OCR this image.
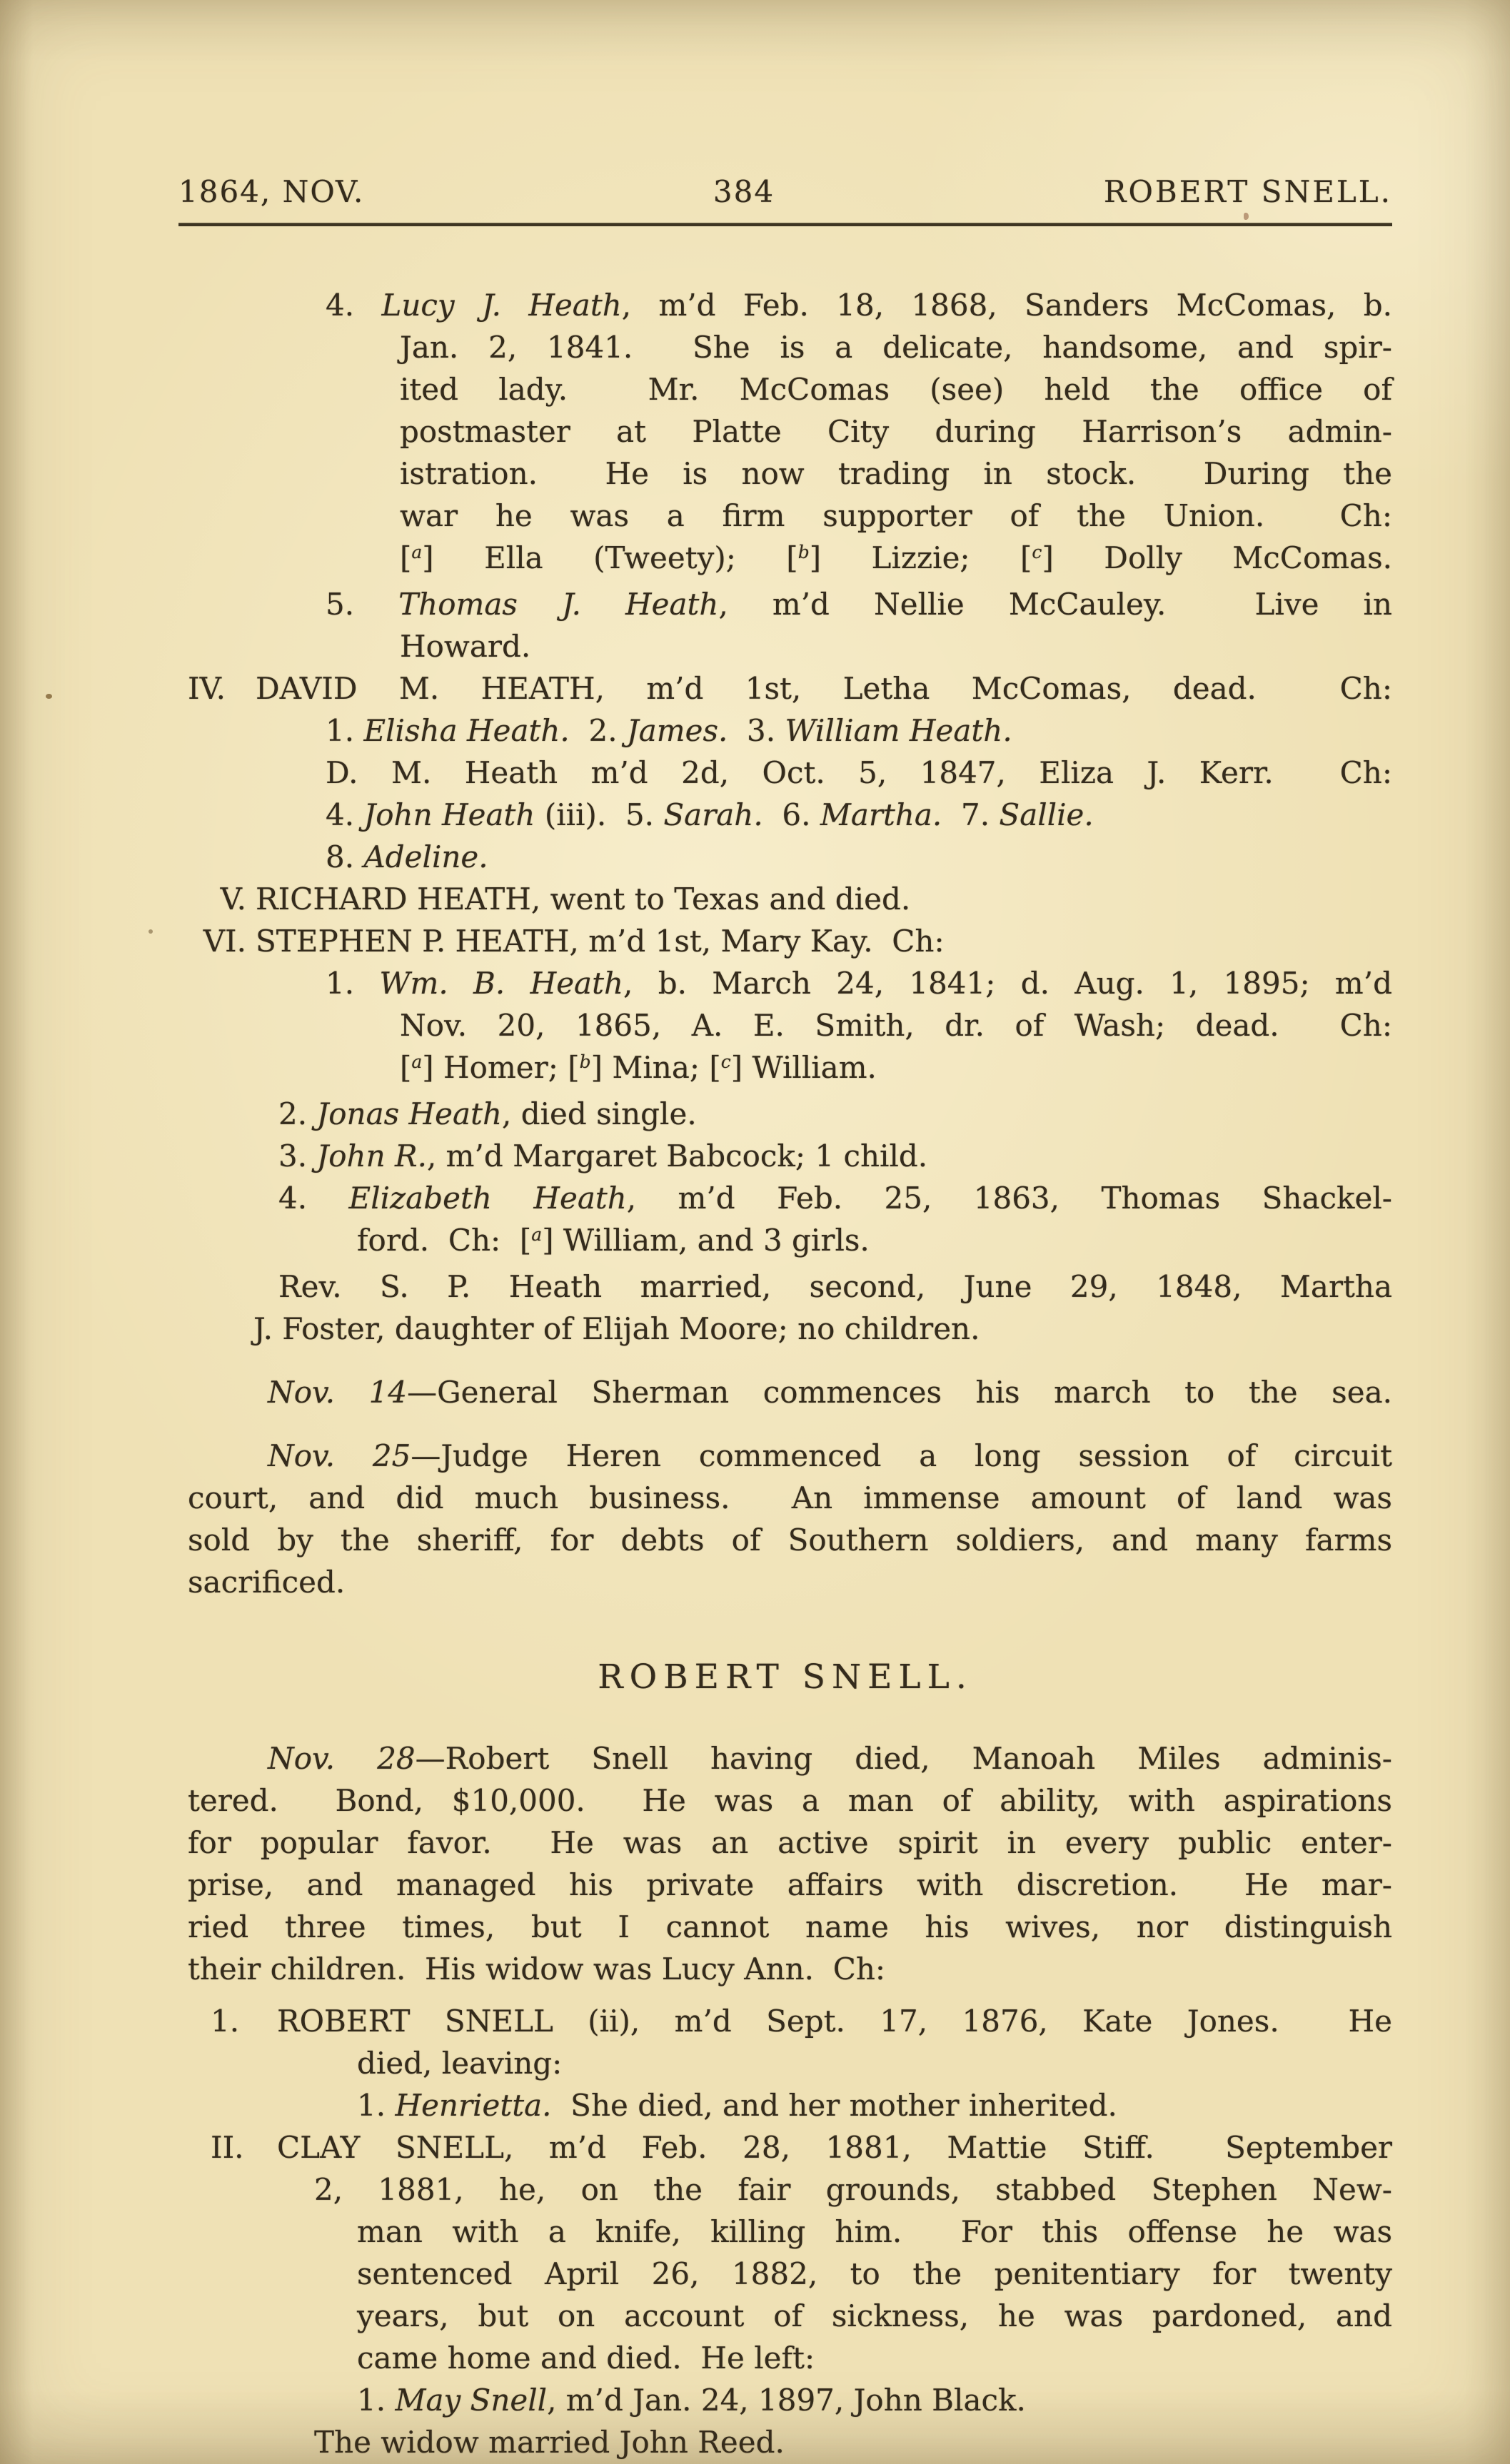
1864, NOV.	384	ROBERT SNELL.
4. Lucy J. Heath, m’d Feb. 18, 1868, Sanders McComas, b.
Jan. 2, 1841.  She is a delicate, handsome, and spir-
ited lady.  Mr. McComas (see) held the office of
postmaster at Platte City during Harrison’s admin-
istration.  He is now trading in stock.  During the
war he was a firm supporter of the Union.  Ch:
[$^a$] Ella (Tweety); [$^b$] Lizzie; [$^c$] Dolly McComas.
5. Thomas J. Heath, m’d Nellie McCauley.  Live in
Howard.
IV. DAVID M. HEATH, m’d 1st, Letha McComas, dead.  Ch:
1. Elisha Heath.  2. James.  3. William Heath.
D. M. Heath m’d 2d, Oct. 5, 1847, Eliza J. Kerr.  Ch:
4. John Heath (iii).  5. Sarah.  6. Martha.  7. Sallie.
8. Adeline.
V. RICHARD HEATH, went to Texas and died.
VI. STEPHEN P. HEATH, m’d 1st, Mary Kay.  Ch:
1. Wm. B. Heath, b. March 24, 1841; d. Aug. 1, 1895; m’d
Nov. 20, 1865, A. E. Smith, dr. of Wash; dead.  Ch:
[$^a$] Homer; [$^b$] Mina; [$^c$] William.
2. Jonas Heath, died single.
3. John R., m’d Margaret Babcock; 1 child.
4. Elizabeth Heath, m’d Feb. 25, 1863, Thomas Shackel-
ford.  Ch:  [$^a$] William, and 3 girls.
Rev. S. P. Heath married, second, June 29, 1848, Martha
J. Foster, daughter of Elijah Moore; no children.
Nov. 14—General Sherman commences his march to the sea.
Nov. 25—Judge Heren commenced a long session of circuit
court, and did much business.  An immense amount of land was
sold by the sheriff, for debts of Southern soldiers, and many farms
sacrificed.
ROBERT SNELL.
Nov. 28—Robert Snell having died, Manoah Miles adminis-
tered.  Bond, $10,000.  He was a man of ability, with aspirations
for popular favor.  He was an active spirit in every public enter-
prise, and managed his private affairs with discretion.  He mar-
ried three times, but I cannot name his wives, nor distinguish
their children.  His widow was Lucy Ann.  Ch:
1. ROBERT SNELL (ii), m’d Sept. 17, 1876, Kate Jones.  He
died, leaving:
1. Henrietta.  She died, and her mother inherited.
II. CLAY SNELL, m’d Feb. 28, 1881, Mattie Stiff.  September
2, 1881, he, on the fair grounds, stabbed Stephen New-
man with a knife, killing him.  For this offense he was
sentenced April 26, 1882, to the penitentiary for twenty
years, but on account of sickness, he was pardoned, and
came home and died.  He left:
1. May Snell, m’d Jan. 24, 1897, John Black.
The widow married John Reed.
